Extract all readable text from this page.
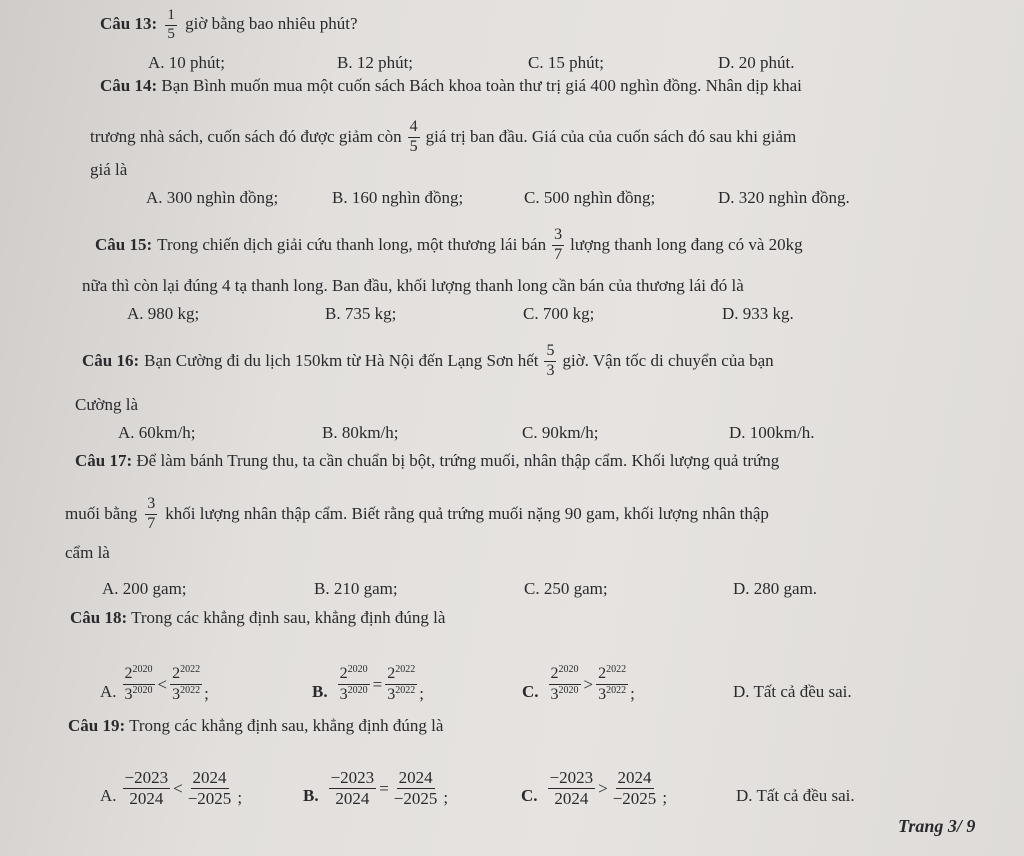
Câu 13: $\frac{1}{5}$ giờ bằng bao nhiêu phút?
A. 10 phút;	B. 12 phút;	C. 15 phút;	D. 20 phút.
Câu 14: Bạn Bình muốn mua một cuốn sách Bách khoa toàn thư trị giá 400 nghìn đồng. Nhân dịp khai
trương nhà sách, cuốn sách đó được giảm còn $\frac{4}{5}$ giá trị ban đầu. Giá của của cuốn sách đó sau khi giảm
giá là
A. 300 nghìn đồng;	B. 160 nghìn đồng;	C. 500 nghìn đồng;	D. 320 nghìn đồng.
Câu 15: Trong chiến dịch giải cứu thanh long, một thương lái bán $\frac{3}{7}$ lượng thanh long đang có và 20kg
nữa thì còn lại đúng 4 tạ thanh long. Ban đầu, khối lượng thanh long cần bán của thương lái đó là
A. 980 kg;	B. 735 kg;	C. 700 kg;	D. 933 kg.
Câu 16: Bạn Cường đi du lịch 150km từ Hà Nội đến Lạng Sơn hết $\frac{5}{3}$ giờ. Vận tốc di chuyển của bạn
Cường là
A. 60km/h;	B. 80km/h;	C. 90km/h;	D. 100km/h.
Câu 17: Để làm bánh Trung thu, ta cần chuẩn bị bột, trứng muối, nhân thập cẩm. Khối lượng quả trứng
muối bằng $\frac{3}{7}$ khối lượng nhân thập cẩm. Biết rằng quả trứng muối nặng 90 gam, khối lượng nhân thập
cẩm là
A. 200 gam;	B. 210 gam;	C. 250 gam;	D. 280 gam.
Câu 18: Trong các khẳng định sau, khẳng định đúng là
A. $\frac{2^{2020}}{3^{2020}} < \frac{2^{2022}}{3^{2022}}$ ;	B. $\frac{2^{2020}}{3^{2020}} = \frac{2^{2022}}{3^{2022}}$ ;	C. $\frac{2^{2020}}{3^{2020}} > \frac{2^{2022}}{3^{2022}}$ ;	D. Tất cả đều sai.
Câu 19: Trong các khẳng định sau, khẳng định đúng là
A. $\frac{-2023}{2024} < \frac{2024}{-2025}$ ;	B. $\frac{-2023}{2024} = \frac{2024}{-2025}$ ;	C. $\frac{-2023}{2024} > \frac{2024}{-2025}$ ;	D. Tất cả đều sai.
Trang 3/ 9
